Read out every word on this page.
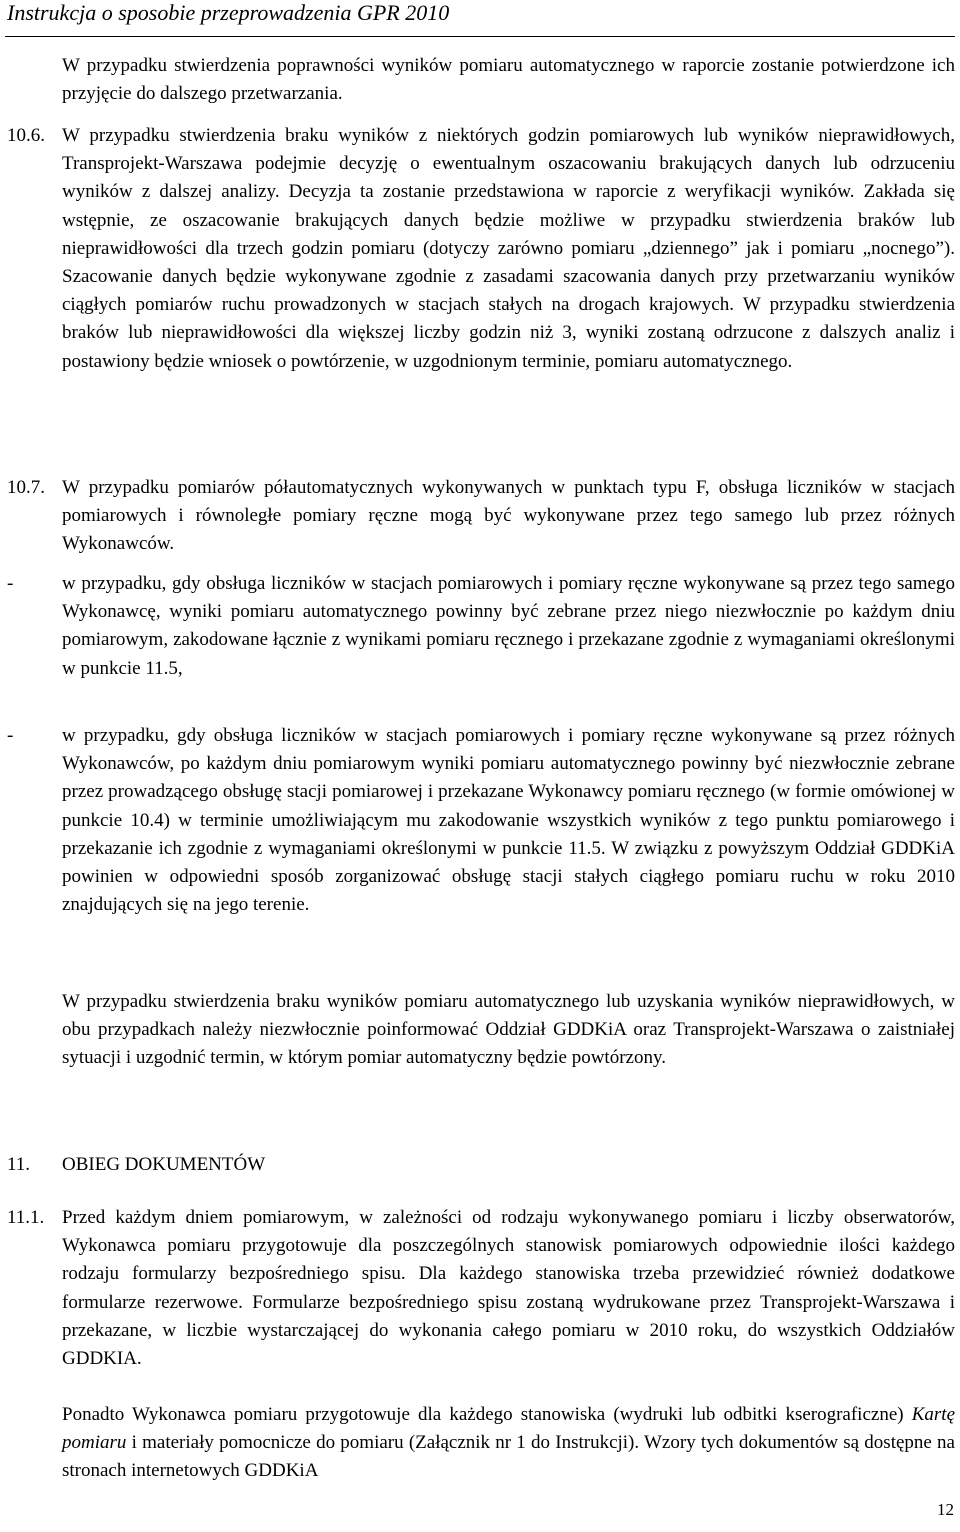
Instrukcja o sposobie przeprowadzenia GPR 2010

W przypadku stwierdzenia poprawności wyników pomiaru automatycznego w raporcie zostanie potwierdzone ich przyjęcie do dalszego przetwarzania.

10.6. W przypadku stwierdzenia braku wyników z niektórych godzin pomiarowych lub wyników nieprawidłowych, Transprojekt-Warszawa podejmie decyzję o ewentualnym oszacowaniu brakujących danych lub odrzuceniu wyników z dalszej analizy. Decyzja ta zostanie przedstawiona w raporcie z weryfikacji wyników. Zakłada się wstępnie, ze oszacowanie brakujących danych będzie możliwe w przypadku stwierdzenia braków lub nieprawidłowości dla trzech godzin pomiaru (dotyczy zarówno pomiaru „dziennego” jak i pomiaru „nocnego”). Szacowanie danych będzie wykonywane zgodnie z zasadami szacowania danych przy przetwarzaniu wyników ciągłych pomiarów ruchu prowadzonych w stacjach stałych na drogach krajowych. W przypadku stwierdzenia braków lub nieprawidłowości dla większej liczby godzin niż 3, wyniki zostaną odrzucone z dalszych analiz i postawiony będzie wniosek o powtórzenie, w uzgodnionym terminie, pomiaru automatycznego.

10.7. W przypadku pomiarów półautomatycznych wykonywanych w punktach typu F, obsługa liczników w stacjach pomiarowych i równoległe pomiary ręczne mogą być wykonywane przez tego samego lub przez różnych Wykonawców.

-	w przypadku, gdy obsługa liczników w stacjach pomiarowych i pomiary ręczne wykonywane są przez tego samego Wykonawcę, wyniki pomiaru automatycznego powinny być zebrane przez niego niezwłocznie po każdym dniu pomiarowym, zakodowane łącznie z wynikami pomiaru ręcznego i przekazane zgodnie z wymaganiami określonymi w punkcie 11.5,

-	w przypadku, gdy obsługa liczników w stacjach pomiarowych i pomiary ręczne wykonywane są przez różnych Wykonawców, po każdym dniu pomiarowym wyniki pomiaru automatycznego powinny być niezwłocznie zebrane przez prowadzącego obsługę stacji pomiarowej i przekazane Wykonawcy pomiaru ręcznego (w formie omówionej w punkcie 10.4) w terminie umożliwiającym mu zakodowanie wszystkich wyników z tego punktu pomiarowego i przekazanie ich zgodnie z wymaganiami określonymi w punkcie 11.5. W związku z powyższym Oddział GDDKiA powinien w odpowiedni sposób zorganizować obsługę stacji stałych ciągłego pomiaru ruchu w roku 2010 znajdujących się na jego terenie.

W przypadku stwierdzenia braku wyników pomiaru automatycznego lub uzyskania wyników nieprawidłowych, w obu przypadkach należy niezwłocznie poinformować Oddział GDDKiA oraz Transprojekt-Warszawa o zaistniałej sytuacji i uzgodnić termin, w którym pomiar automatyczny będzie powtórzony.

11. OBIEG DOKUMENTÓW
11.1. Przed każdym dniem pomiarowym, w zależności od rodzaju wykonywanego pomiaru i liczby obserwatorów, Wykonawca pomiaru przygotowuje dla poszczególnych stanowisk pomiarowych odpowiednie ilości każdego rodzaju formularzy bezpośredniego spisu. Dla każdego stanowiska trzeba przewidzieć również dodatkowe formularze rezerwowe. Formularze bezpośredniego spisu zostaną wydrukowane przez Transprojekt-Warszawa i przekazane, w liczbie wystarczającej do wykonania całego pomiaru w 2010 roku, do wszystkich Oddziałów GDDKIA.

Ponadto Wykonawca pomiaru przygotowuje dla każdego stanowiska (wydruki lub odbitki kserograficzne) Kartę pomiaru i materiały pomocnicze do pomiaru (Załącznik nr 1 do Instrukcji). Wzory tych dokumentów są dostępne na stronach internetowych GDDKiA

12
